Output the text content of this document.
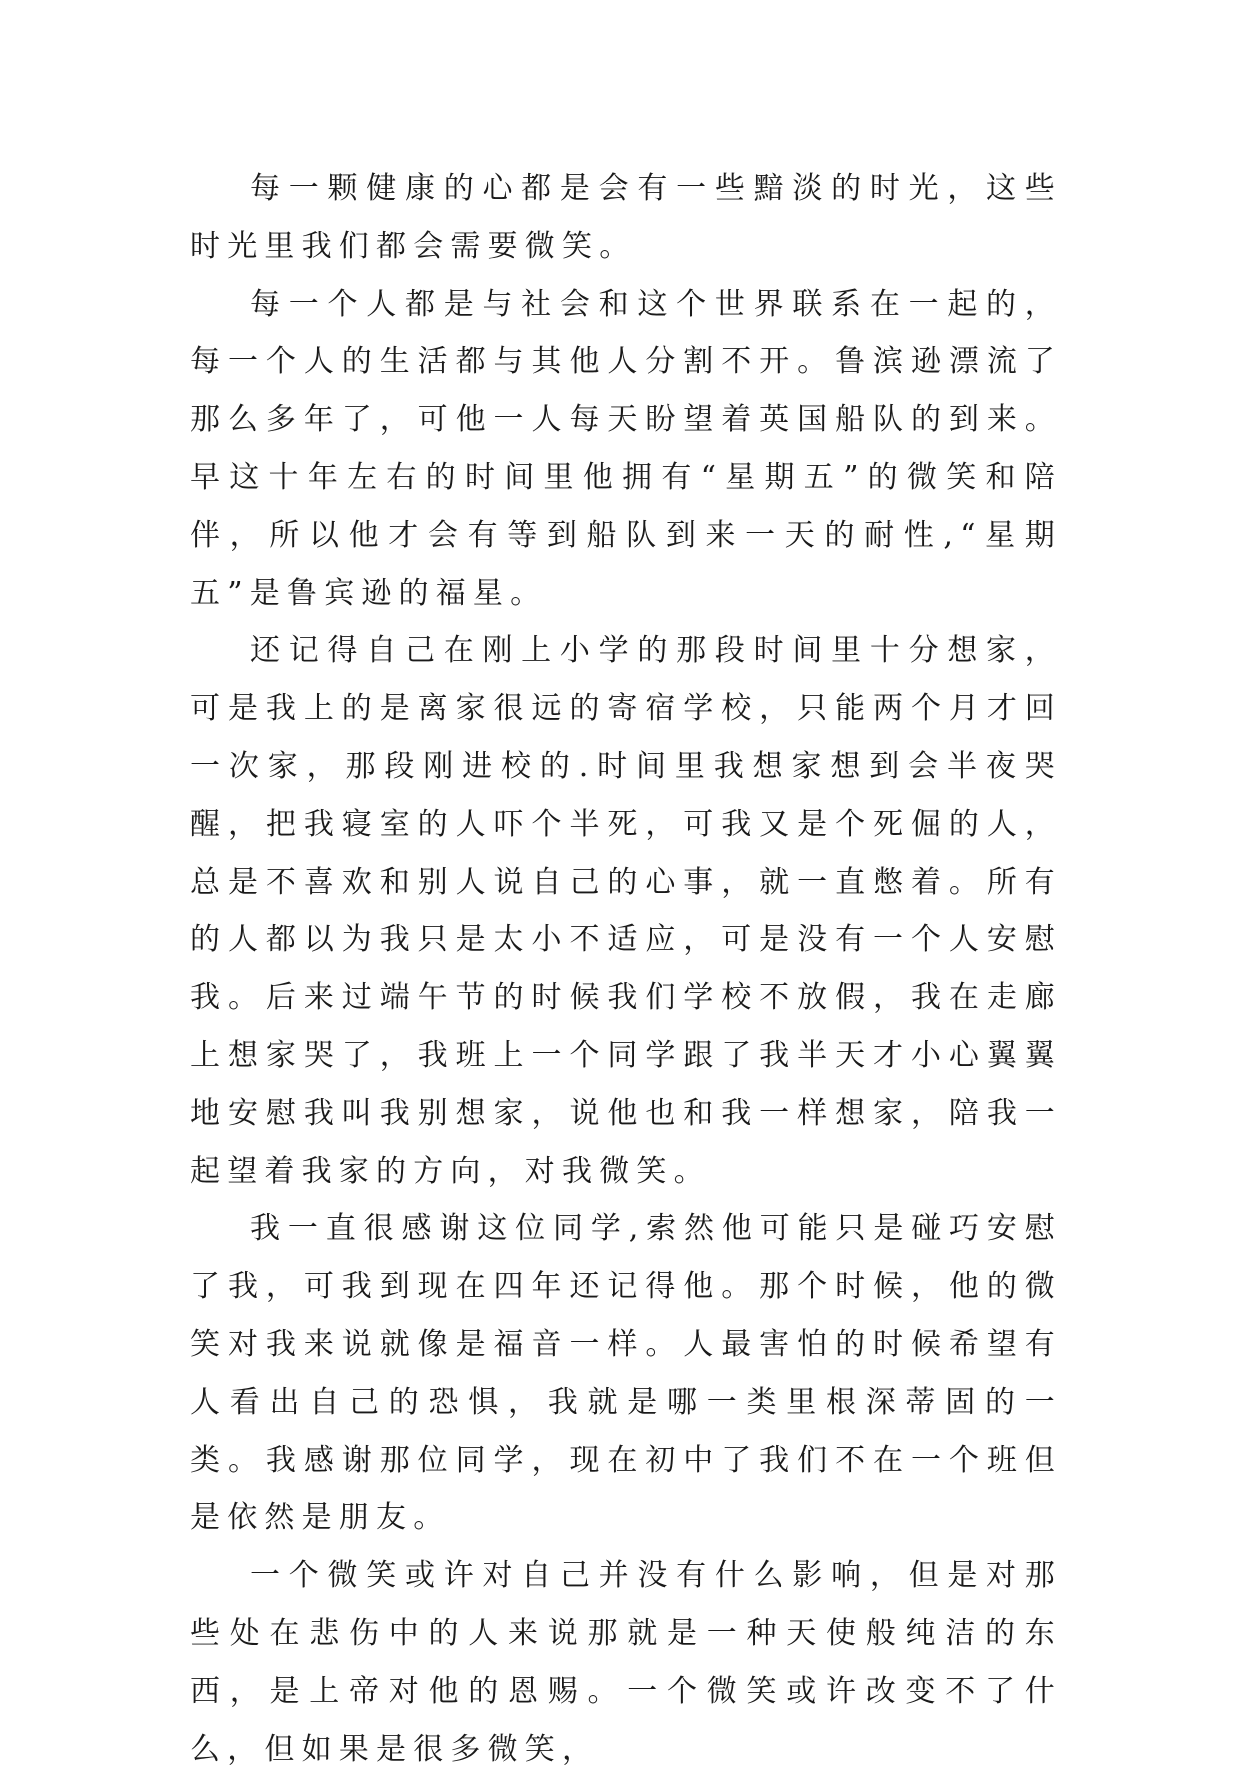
每一颗健康的心都是会有一些黯淡的时光，这些时光里我们都会需要微笑。

每一个人都是与社会和这个世界联系在一起的，每一个人的生活都与其他人分割不开。鲁滨逊漂流了那么多年了，可他一人每天盼望着英国船队的到来。早这十年左右的时间里他拥有“星期五”的微笑和陪伴，所以他才会有等到船队到来一天的耐性,“星期五”是鲁宾逊的福星。

还记得自己在刚上小学的那段时间里十分想家，可是我上的是离家很远的寄宿学校，只能两个月才回一次家，那段刚进校的.时间里我想家想到会半夜哭醒，把我寝室的人吓个半死，可我又是个死倔的人，总是不喜欢和别人说自己的心事，就一直憋着。所有的人都以为我只是太小不适应，可是没有一个人安慰我。后来过端午节的时候我们学校不放假，我在走廊上想家哭了，我班上一个同学跟了我半天才小心翼翼地安慰我叫我别想家，说他也和我一样想家，陪我一起望着我家的方向，对我微笑。

我一直很感谢这位同学,索然他可能只是碰巧安慰了我，可我到现在四年还记得他。那个时候，他的微笑对我来说就像是福音一样。人最害怕的时候希望有人看出自己的恐惧，我就是哪一类里根深蒂固的一类。我感谢那位同学，现在初中了我们不在一个班但是依然是朋友。

一个微笑或许对自己并没有什么影响，但是对那些处在悲伤中的人来说那就是一种天使般纯洁的东西，是上帝对他的恩赐。一个微笑或许改变不了什么，但如果是很多微笑，
